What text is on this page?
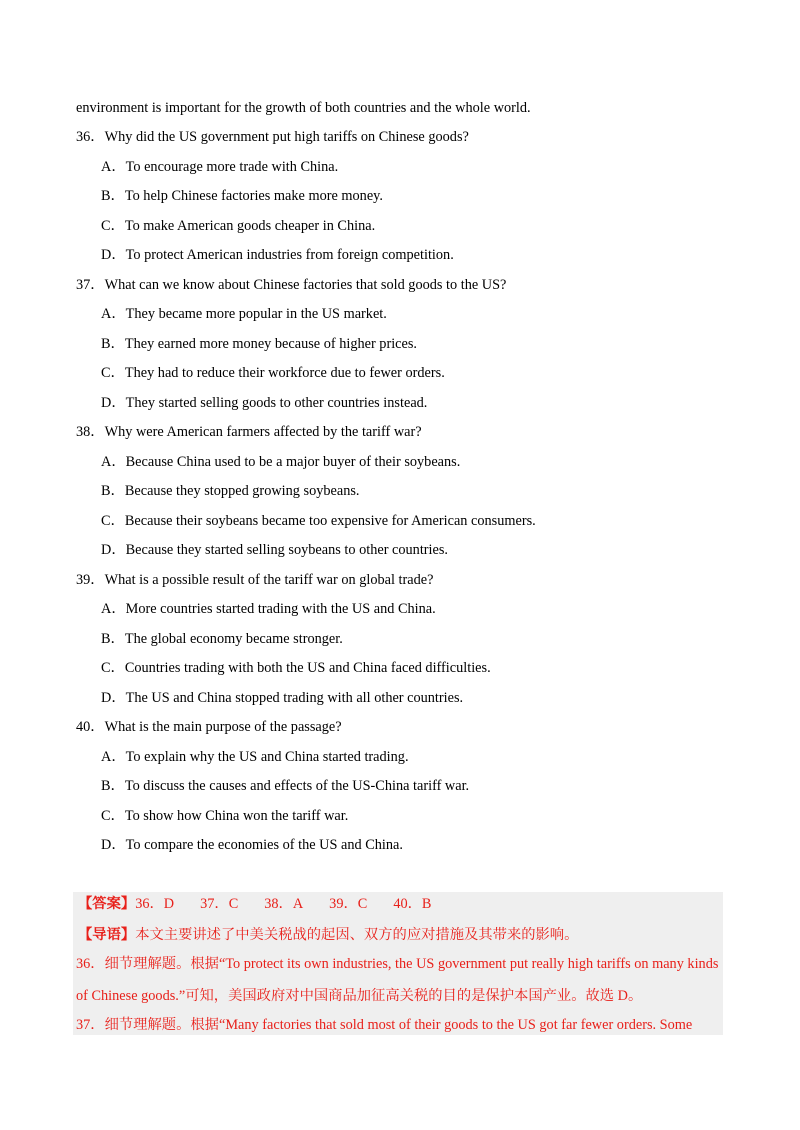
environment is important for the growth of both countries and the whole world.
36．Why did the US government put high tariffs on Chinese goods?
A．To encourage more trade with China.
B．To help Chinese factories make more money.
C．To make American goods cheaper in China.
D．To protect American industries from foreign competition.
37．What can we know about Chinese factories that sold goods to the US?
A．They became more popular in the US market.
B．They earned more money because of higher prices.
C．They had to reduce their workforce due to fewer orders.
D．They started selling goods to other countries instead.
38．Why were American farmers affected by the tariff war?
A．Because China used to be a major buyer of their soybeans.
B．Because they stopped growing soybeans.
C．Because their soybeans became too expensive for American consumers.
D．Because they started selling soybeans to other countries.
39．What is a possible result of the tariff war on global trade?
A．More countries started trading with the US and China.
B．The global economy became stronger.
C．Countries trading with both the US and China faced difficulties.
D．The US and China stopped trading with all other countries.
40．What is the main purpose of the passage?
A．To explain why the US and China started trading.
B．To discuss the causes and effects of the US-China tariff war.
C．To show how China won the tariff war.
D．To compare the economies of the US and China.
【答案】36．D 37．C 38．A 39．C 40．B
【导语】本文主要讲述了中美关税战的起因、双方的应对措施及其带来的影响。
36．细节理解题。根据“To protect its own industries, the US government put really high tariffs on many kinds
of Chinese goods.”可知，美国政府对中国商品加征高关税的目的是保护本国产业。故选 D。
37．细节理解题。根据“Many factories that sold most of their goods to the US got far fewer orders. Some
